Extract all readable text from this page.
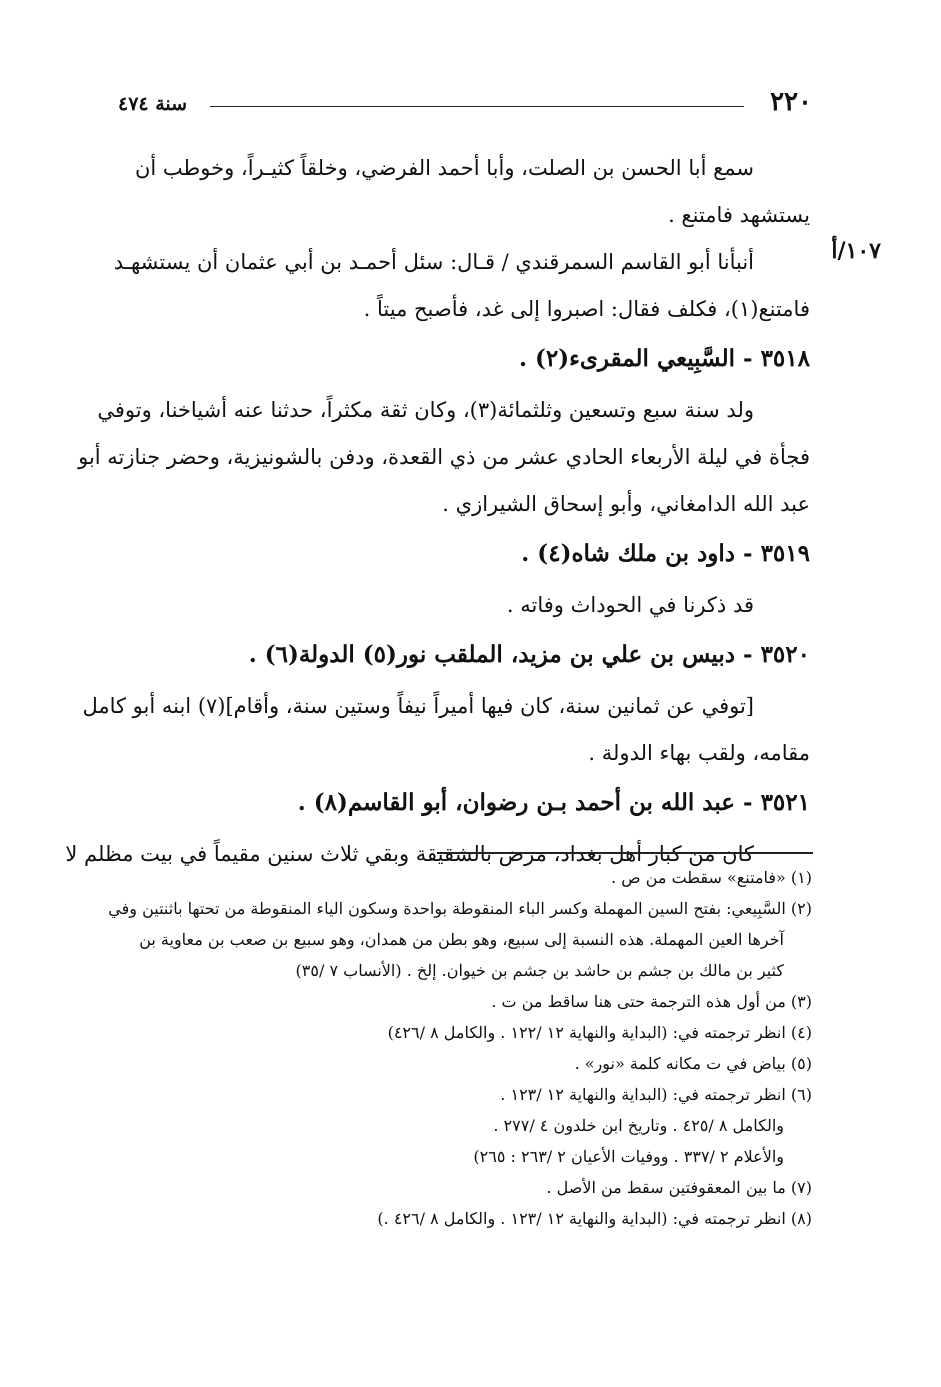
٢٢٠
سنة ٤٧٤
١٠٧/أ
سمع أبا الحسن بن الصلت، وأبا أحمد الفرضي، وخلقاً كثيـراً، وخوطب أن
يستشهد فامتنع .
أنبأنا أبو القاسم السمرقندي / قـال: سئل أحمـد بن أبي عثمان أن يستشهـد
فامتنع(١)، فكلف فقال: اصبروا إلى غد، فأصبح ميتاً .
٣٥١٨ - السَّبِيعي المقرىء(٢) .
ولد سنة سبع وتسعين وثلثمائة(٣)، وكان ثقة مكثراً، حدثنا عنه أشياخنا، وتوفي
فجأة في ليلة الأربعاء الحادي عشر من ذي القعدة، ودفن بالشونيزية، وحضر جنازته أبو
عبد الله الدامغاني، وأبو إسحاق الشيرازي .
٣٥١٩ - داود بن ملك شاه(٤) .
قد ذكرنا في الحوداث وفاته .
٣٥٢٠ - دبيس بن علي بن مزيد، الملقب نور(٥) الدولة(٦) .
[توفي عن ثمانين سنة، كان فيها أميراً نيفاً وستين سنة، وأقام](٧) ابنه أبو كامل
مقامه، ولقب بهاء الدولة .
٣٥٢١ - عبد الله بن أحمد بـن رضوان، أبو القاسم(٨) .
كان من كبار أهل بغداد، مرض بالشقيقة وبقي ثلاث سنين مقيماً في بيت مظلم لا

(١) «فامتنع» سقطت من ص .

(٢) السَّبِيعي: بفتح السين المهملة وكسر الباء المنقوطة بواحدة وسكون الياء المنقوطة من تحتها باثنتين وفي

آخرها العين المهملة. هذه النسبة إلى سبيع، وهو بطن من همدان، وهو سبيع بن صعب بن معاوية بن

كثير بن مالك بن جشم بن حاشد بن جشم بن خيوان. إلخ . (الأنساب ٧ /٣٥)

(٣) من أول هذه الترجمة حتى هنا ساقط من ت .

(٤) انظر ترجمته في: (البداية والنهاية ١٢ /١٢٢ . والكامل ٨ /٤٢٦)

(٥) بياض في ت مكانه كلمة «نور» .

(٦) انظر ترجمته في: (البداية والنهاية ١٢ /١٢٣ .

والكامل ٨ /٤٢٥ . وتاريخ ابن خلدون ٤ /٢٧٧ .

والأعلام ٢ /٣٣٧ . ووفيات الأعيان ٢ /٢٦٣ : ٢٦٥)

(٧) ما بين المعقوفتين سقط من الأصل .

(٨) انظر ترجمته في: (البداية والنهاية ١٢ /١٢٣ . والكامل ٨ /٤٢٦ .)
